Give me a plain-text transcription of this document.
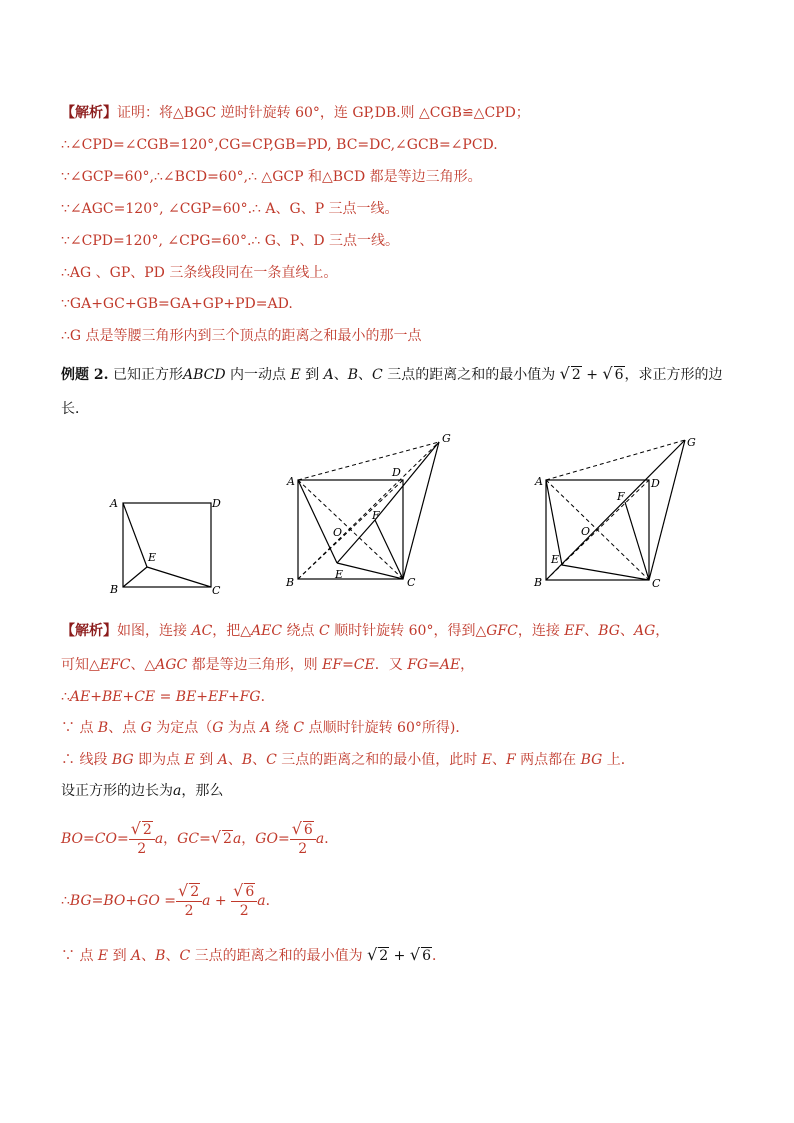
【解析】证明：将△BGC 逆时针旋转 60°，连 GP,DB.则 △CGB≌△CPD；
∴∠CPD=∠CGB=120°,CG=CP,GB=PD, BC=DC,∠GCB=∠PCD.
∵∠GCP=60°,∴∠BCD=60°,∴ △GCP 和△BCD 都是等边三角形。
∵∠AGC=120°, ∠CGP=60°.∴ A、G、P 三点一线。
∵∠CPD=120°, ∠CPG=60°.∴ G、P、D 三点一线。
∴AG 、GP、PD 三条线段同在一条直线上。
∵GA+GC+GB=GA+GP+PD=AD.
∴G 点是等腰三角形内到三个顶点的距离之和最小的那一点
例题 2. 已知正方形ABCD 内一动点 E 到 A、B、C 三点的距离之和的最小值为 √ 2 + √ 6，求正方形的边
长．
A	D
B	C
E
A
D
B	C
G
F
O
E
A	D
B	C
G
F
O
E
【解析】如图，连接 AC，把△AEC 绕点 C 顺时针旋转 60°，得到△GFC，连接 EF、BG、AG，
可知△EFC、△AGC 都是等边三角形，则 EF=CE．又 FG=AE，
∴AE+BE+CE = BE+EF+FG．
∵ 点 B、点 G 为定点（G 为点 A 绕 C 点顺时针旋转 60°所得)．
∴ 线段 BG 即为点 E 到 A、B、C 三点的距离之和的最小值，此时 E、F 两点都在 BG 上．
设正方形的边长为a，那么
$BO=CO= \frac{√ 2}{2}$ a，GC=√ 2a，$GO= \frac{√ 6}{2}$ a．
∴BG=BO+GO = $\frac{√ 2}{2}$ $a + \frac{√ 6}{2}$ a．
∵ 点 E 到 A、B、C 三点的距离之和的最小值为 √ 2 + √ 6．
